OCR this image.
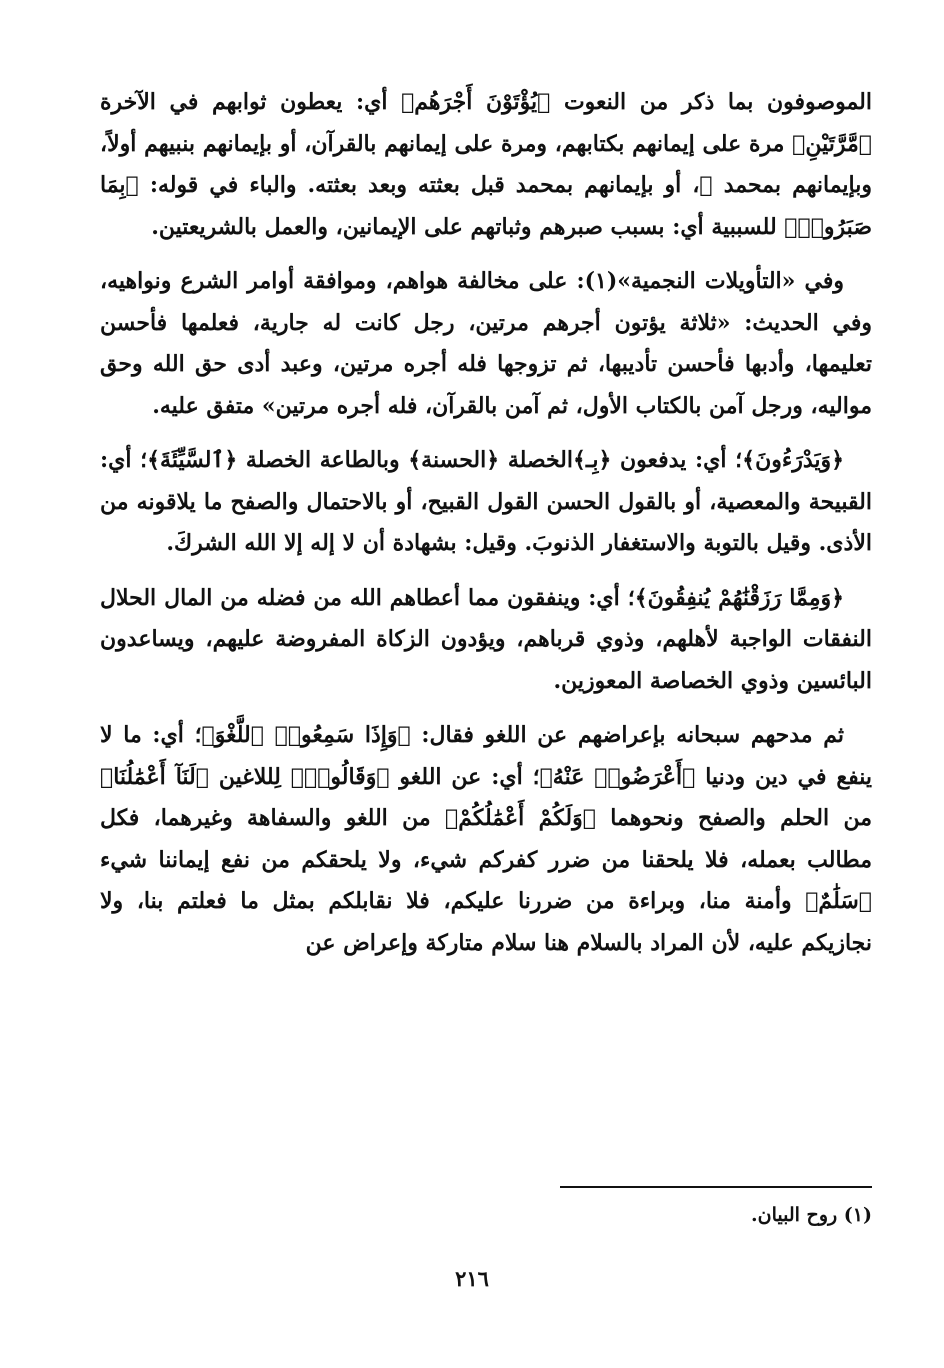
الموصوفون بما ذكر من النعوت ﴿يُؤْتَوْنَ أَجْرَهُم﴾ أي: يعطون ثوابهم في الآخرة ﴿مَّرَّتَيْنِ﴾ مرة على إيمانهم بكتابهم، ومرة على إيمانهم بالقرآن، أو بإيمانهم بنبيهم أولاً، وبإيمانهم بمحمد ﷺ، أو بإيمانهم بمحمد قبل بعثته وبعد بعثته. والباء في قوله: ﴿بِمَا صَبَرُوا۟﴾ للسببية أي: بسبب صبرهم وثباتهم على الإيمانين، والعمل بالشريعتين.

وفي «التأويلات النجمية»(١): على مخالفة هواهم، وموافقة أوامر الشرع ونواهيه، وفي الحديث: «ثلاثة يؤتون أجرهم مرتين، رجل كانت له جارية، فعلمها فأحسن تعليمها، وأدبها فأحسن تأديبها، ثم تزوجها فله أجره مرتين، وعبد أدى حق الله وحق مواليه، ورجل آمن بالكتاب الأول، ثم آمن بالقرآن، فله أجره مرتين» متفق عليه.

﴿وَيَدْرَءُونَ﴾؛ أي: يدفعون ﴿بِـ﴾الخصلة ﴿الحسنة﴾ وبالطاعة الخصلة ﴿ٱلسَّيِّئَةَ﴾؛ أي: القبيحة والمعصية، أو بالقول الحسن القول القبيح، أو بالاحتمال والصفح ما يلاقونه من الأذى. وقيل بالتوبة والاستغفار الذنوبَ. وقيل: بشهادة أن لا إله إلا الله الشركَ.

﴿وَمِمَّا رَزَقْنَٰهُمْ يُنفِقُونَ﴾؛ أي: وينفقون مما أعطاهم الله من فضله من المال الحلال النفقات الواجبة لأهلهم، وذوي قرباهم، ويؤدون الزكاة المفروضة عليهم، ويساعدون البائسين وذوي الخصاصة المعوزين.

ثم مدحهم سبحانه بإعراضهم عن اللغو فقال: ﴿وَإِذَا سَمِعُوا۟ ٱللَّغْوَ﴾؛ أي: ما لا ينفع في دين ودنيا ﴿أَعْرَضُوا۟ عَنْهُ﴾؛ أي: عن اللغو ﴿وَقَالُوا۟﴾ لِللاغين ﴿لَنَآ أَعْمَٰلُنَا﴾ من الحلم والصفح ونحوهما ﴿وَلَكُمْ أَعْمَٰلُكُمْ﴾ من اللغو والسفاهة وغيرهما، فكل مطالب بعمله، فلا يلحقنا من ضرر كفركم شيء، ولا يلحقكم من نفع إيماننا شيء ﴿سَلَٰمٌ﴾ وأمنة منا، وبراءة من ضررنا عليكم، فلا نقابلكم بمثل ما فعلتم بنا، ولا نجازيكم عليه، لأن المراد بالسلام هنا سلام متاركة وإعراض عن

(١) روح البيان.
٢١٦
